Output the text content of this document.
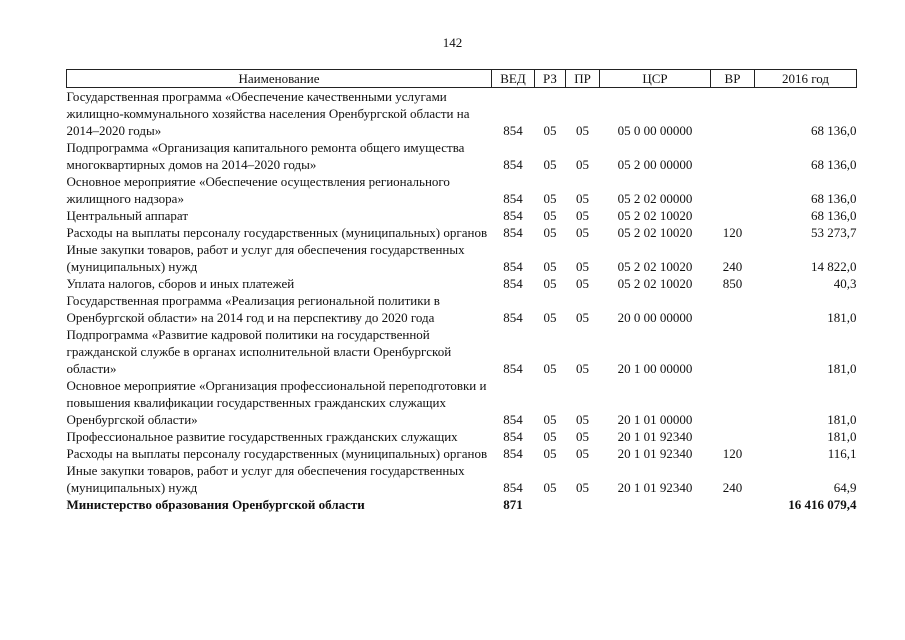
142
Наименование	ВЕД	РЗ	ПР	ЦСР	ВР	2016 год
Государственная программа «Обеспечение качественными услугами жилищно-коммунального хозяйства населения Оренбургской области на 2014–2020 годы»	854	05	05	05 0 00 00000		68 136,0
Подпрограмма «Организация капитального ремонта общего имущества многоквартирных домов на 2014–2020 годы»	854	05	05	05 2 00 00000		68 136,0
Основное мероприятие «Обеспечение осуществления регионального жилищного надзора»	854	05	05	05 2 02 00000		68 136,0
Центральный аппарат	854	05	05	05 2 02 10020		68 136,0
Расходы на выплаты персоналу государственных (муниципальных) органов	854	05	05	05 2 02 10020	120	53 273,7
Иные закупки товаров, работ и услуг для обеспечения государственных (муниципальных) нужд	854	05	05	05 2 02 10020	240	14 822,0
Уплата налогов, сборов и иных платежей	854	05	05	05 2 02 10020	850	40,3
Государственная программа «Реализация региональной политики в Оренбургской области» на 2014 год и на перспективу до 2020 года	854	05	05	20 0 00 00000		181,0
Подпрограмма «Развитие кадровой политики на государственной гражданской службе в органах исполнительной власти Оренбургской области»	854	05	05	20 1 00 00000		181,0
Основное мероприятие «Организация профессиональной переподготовки и повышения квалификации государственных гражданских служащих Оренбургской области»	854	05	05	20 1 01 00000		181,0
Профессиональное развитие государственных гражданских служащих	854	05	05	20 1 01 92340		181,0
Расходы на выплаты персоналу государственных (муниципальных) органов	854	05	05	20 1 01 92340	120	116,1
Иные закупки товаров, работ и услуг для обеспечения государственных (муниципальных) нужд	854	05	05	20 1 01 92340	240	64,9
Министерство образования Оренбургской области	871					16 416 079,4
